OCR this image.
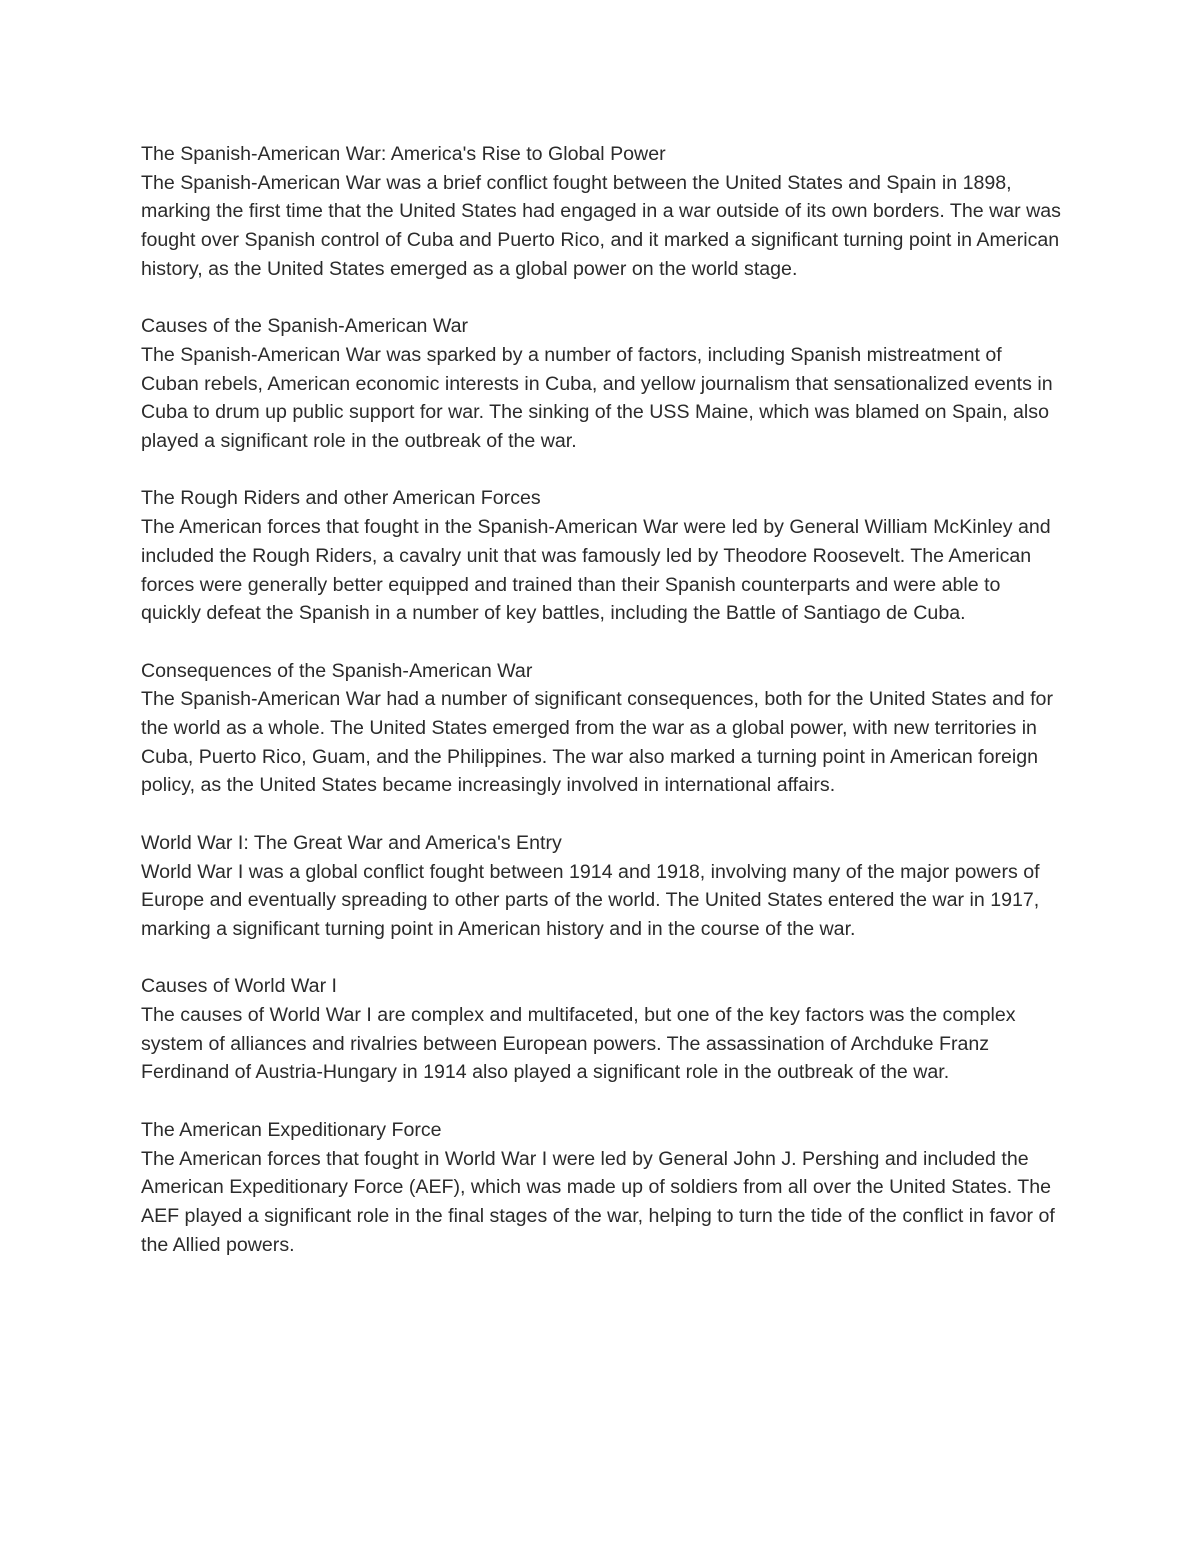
The Spanish-American War: America's Rise to Global Power
The Spanish-American War was a brief conflict fought between the United States and Spain in 1898, marking the first time that the United States had engaged in a war outside of its own borders. The war was fought over Spanish control of Cuba and Puerto Rico, and it marked a significant turning point in American history, as the United States emerged as a global power on the world stage.
Causes of the Spanish-American War
The Spanish-American War was sparked by a number of factors, including Spanish mistreatment of Cuban rebels, American economic interests in Cuba, and yellow journalism that sensationalized events in Cuba to drum up public support for war. The sinking of the USS Maine, which was blamed on Spain, also played a significant role in the outbreak of the war.
The Rough Riders and other American Forces
The American forces that fought in the Spanish-American War were led by General William McKinley and included the Rough Riders, a cavalry unit that was famously led by Theodore Roosevelt. The American forces were generally better equipped and trained than their Spanish counterparts and were able to quickly defeat the Spanish in a number of key battles, including the Battle of Santiago de Cuba.
Consequences of the Spanish-American War
The Spanish-American War had a number of significant consequences, both for the United States and for the world as a whole. The United States emerged from the war as a global power, with new territories in Cuba, Puerto Rico, Guam, and the Philippines. The war also marked a turning point in American foreign policy, as the United States became increasingly involved in international affairs.
World War I: The Great War and America's Entry
World War I was a global conflict fought between 1914 and 1918, involving many of the major powers of Europe and eventually spreading to other parts of the world. The United States entered the war in 1917, marking a significant turning point in American history and in the course of the war.
Causes of World War I
The causes of World War I are complex and multifaceted, but one of the key factors was the complex system of alliances and rivalries between European powers. The assassination of Archduke Franz Ferdinand of Austria-Hungary in 1914 also played a significant role in the outbreak of the war.
The American Expeditionary Force
The American forces that fought in World War I were led by General John J. Pershing and included the American Expeditionary Force (AEF), which was made up of soldiers from all over the United States. The AEF played a significant role in the final stages of the war, helping to turn the tide of the conflict in favor of the Allied powers.
